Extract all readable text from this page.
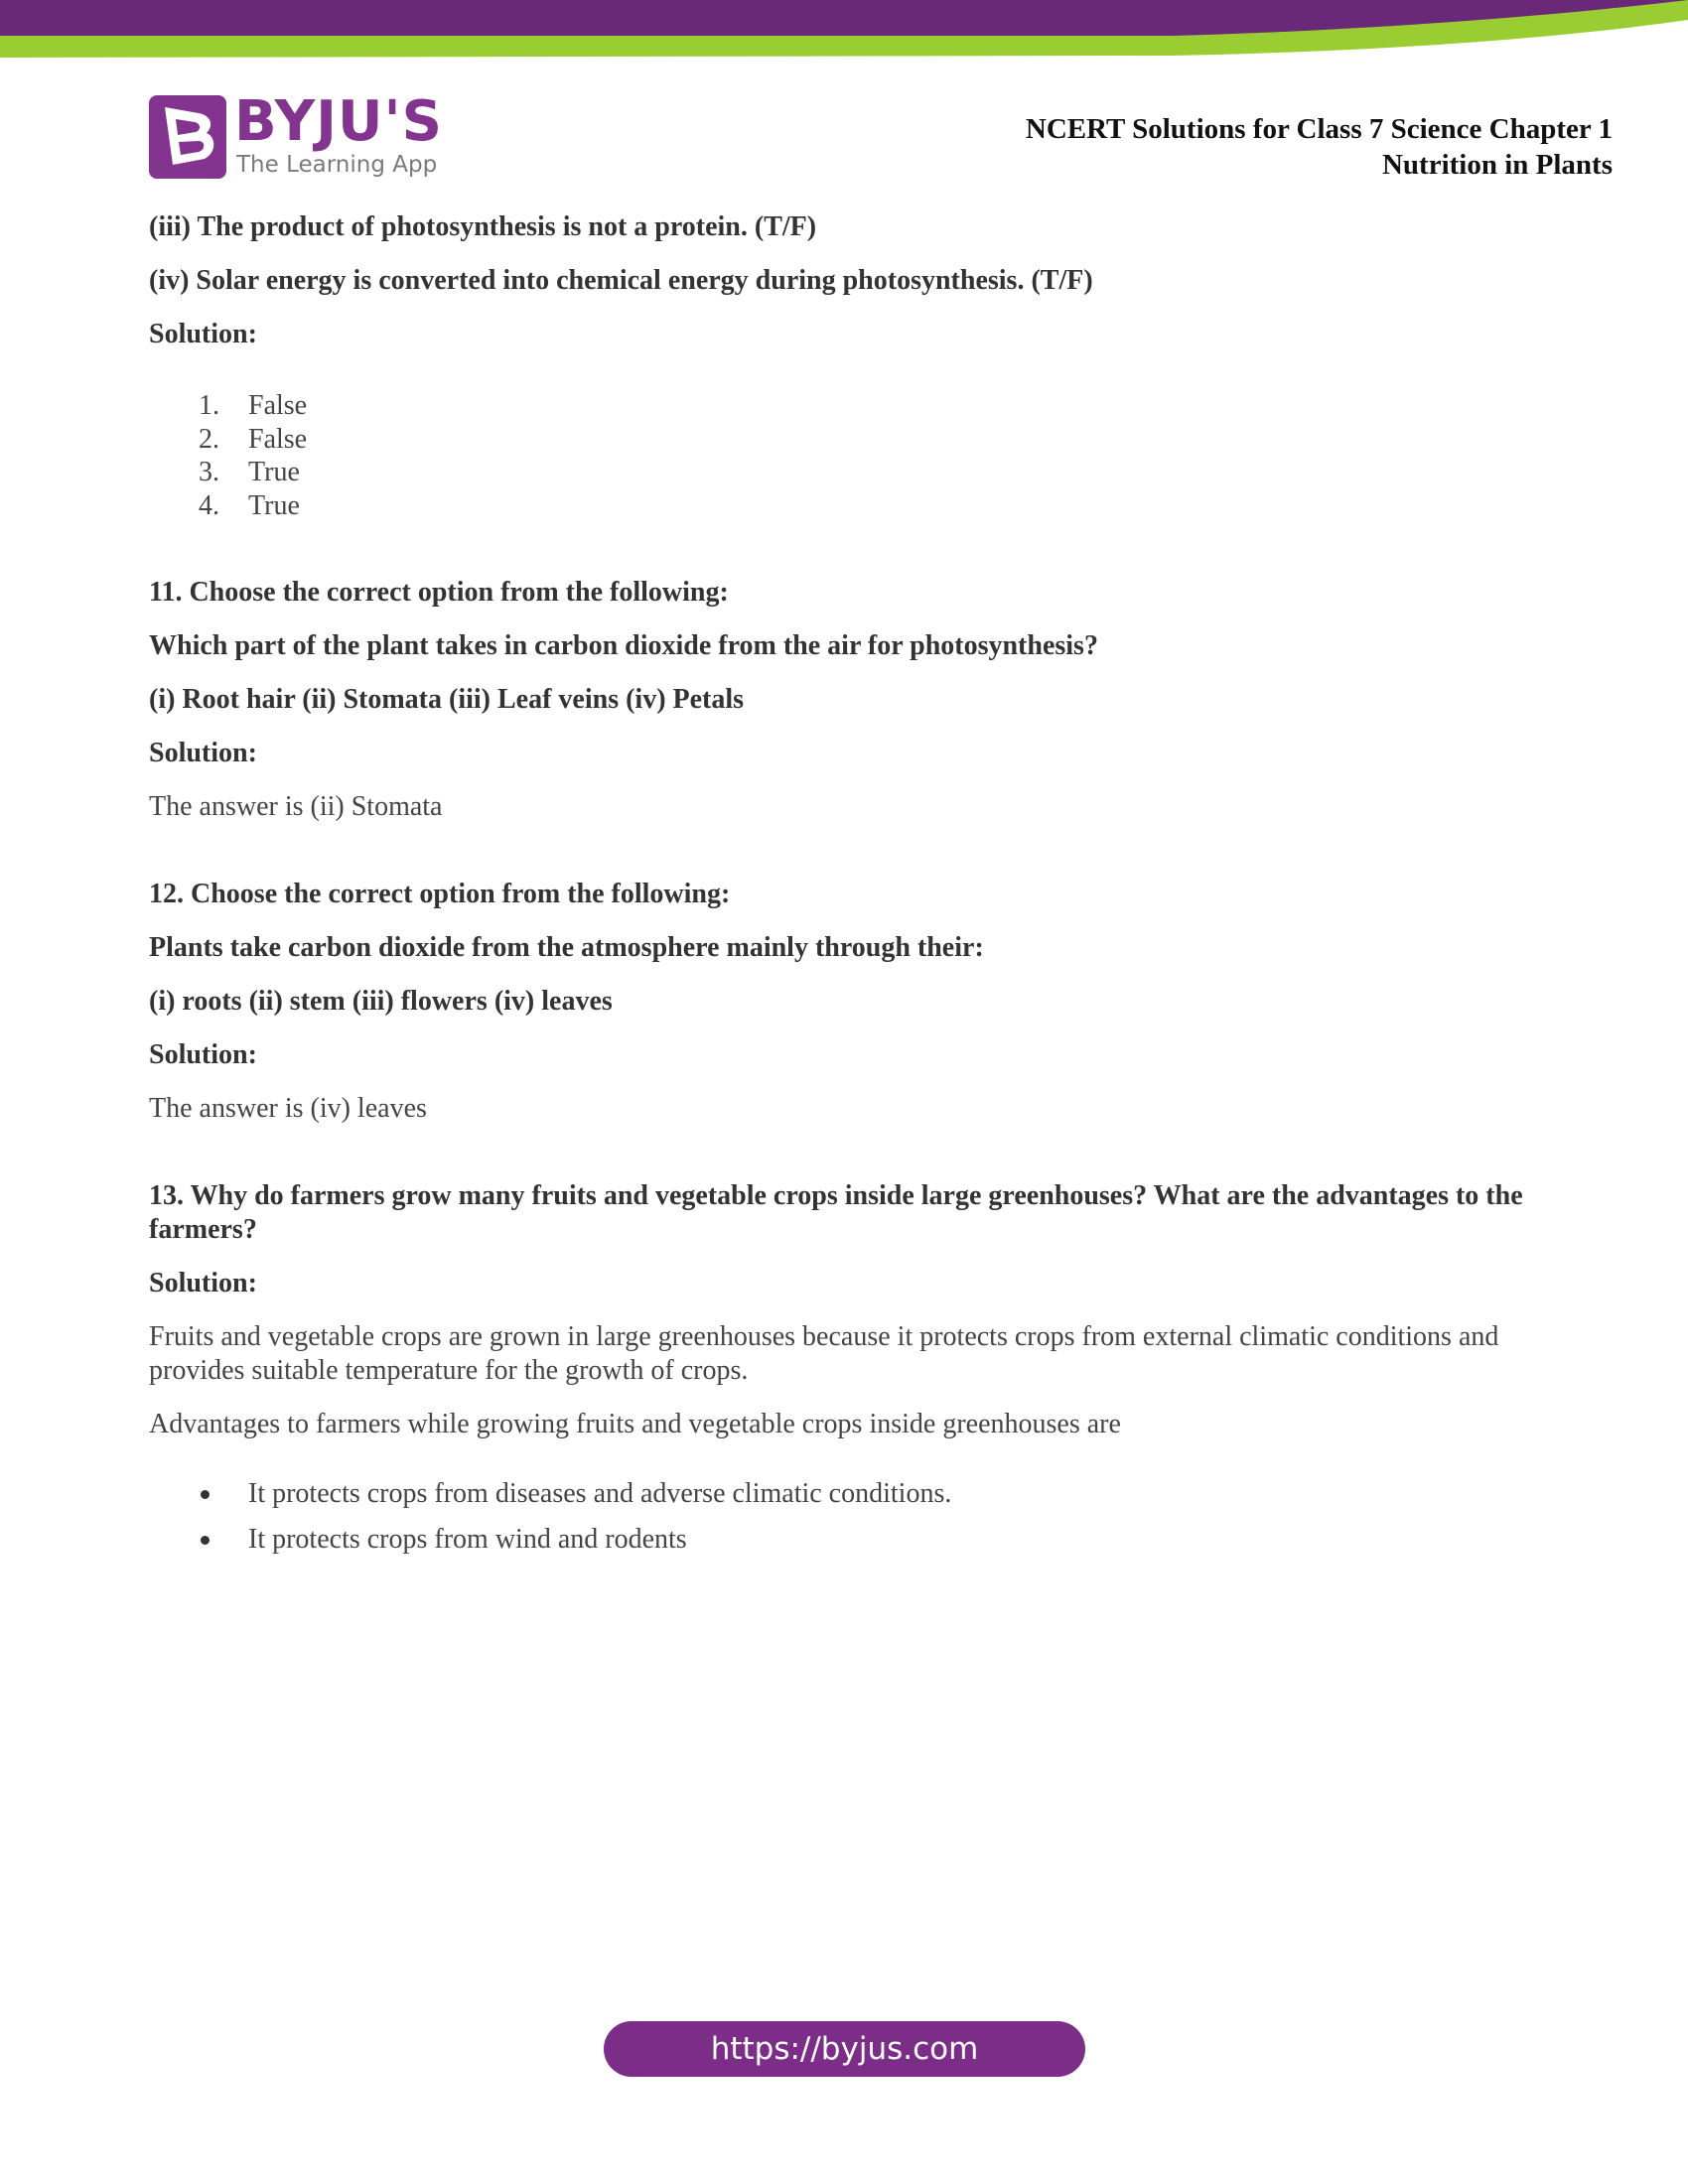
BYJU'S
The Learning App
NCERT Solutions for Class 7 Science Chapter 1
Nutrition in Plants

(iii) The product of photosynthesis is not a protein. (T/F)

(iv) Solar energy is converted into chemical energy during photosynthesis. (T/F)

Solution:

1. False
2. False
3. True
4. True

11. Choose the correct option from the following:

Which part of the plant takes in carbon dioxide from the air for photosynthesis?

(i) Root hair (ii) Stomata (iii) Leaf veins (iv) Petals

Solution:

The answer is (ii) Stomata

12. Choose the correct option from the following:

Plants take carbon dioxide from the atmosphere mainly through their:

(i) roots (ii) stem (iii) flowers (iv) leaves

Solution:

The answer is (iv) leaves

13. Why do farmers grow many fruits and vegetable crops inside large greenhouses? What are the advantages to the farmers?

Solution:

Fruits and vegetable crops are grown in large greenhouses because it protects crops from external climatic conditions and provides suitable temperature for the growth of crops.

Advantages to farmers while growing fruits and vegetable crops inside greenhouses are

It protects crops from diseases and adverse climatic conditions.
It protects crops from wind and rodents
https://byjus.com
